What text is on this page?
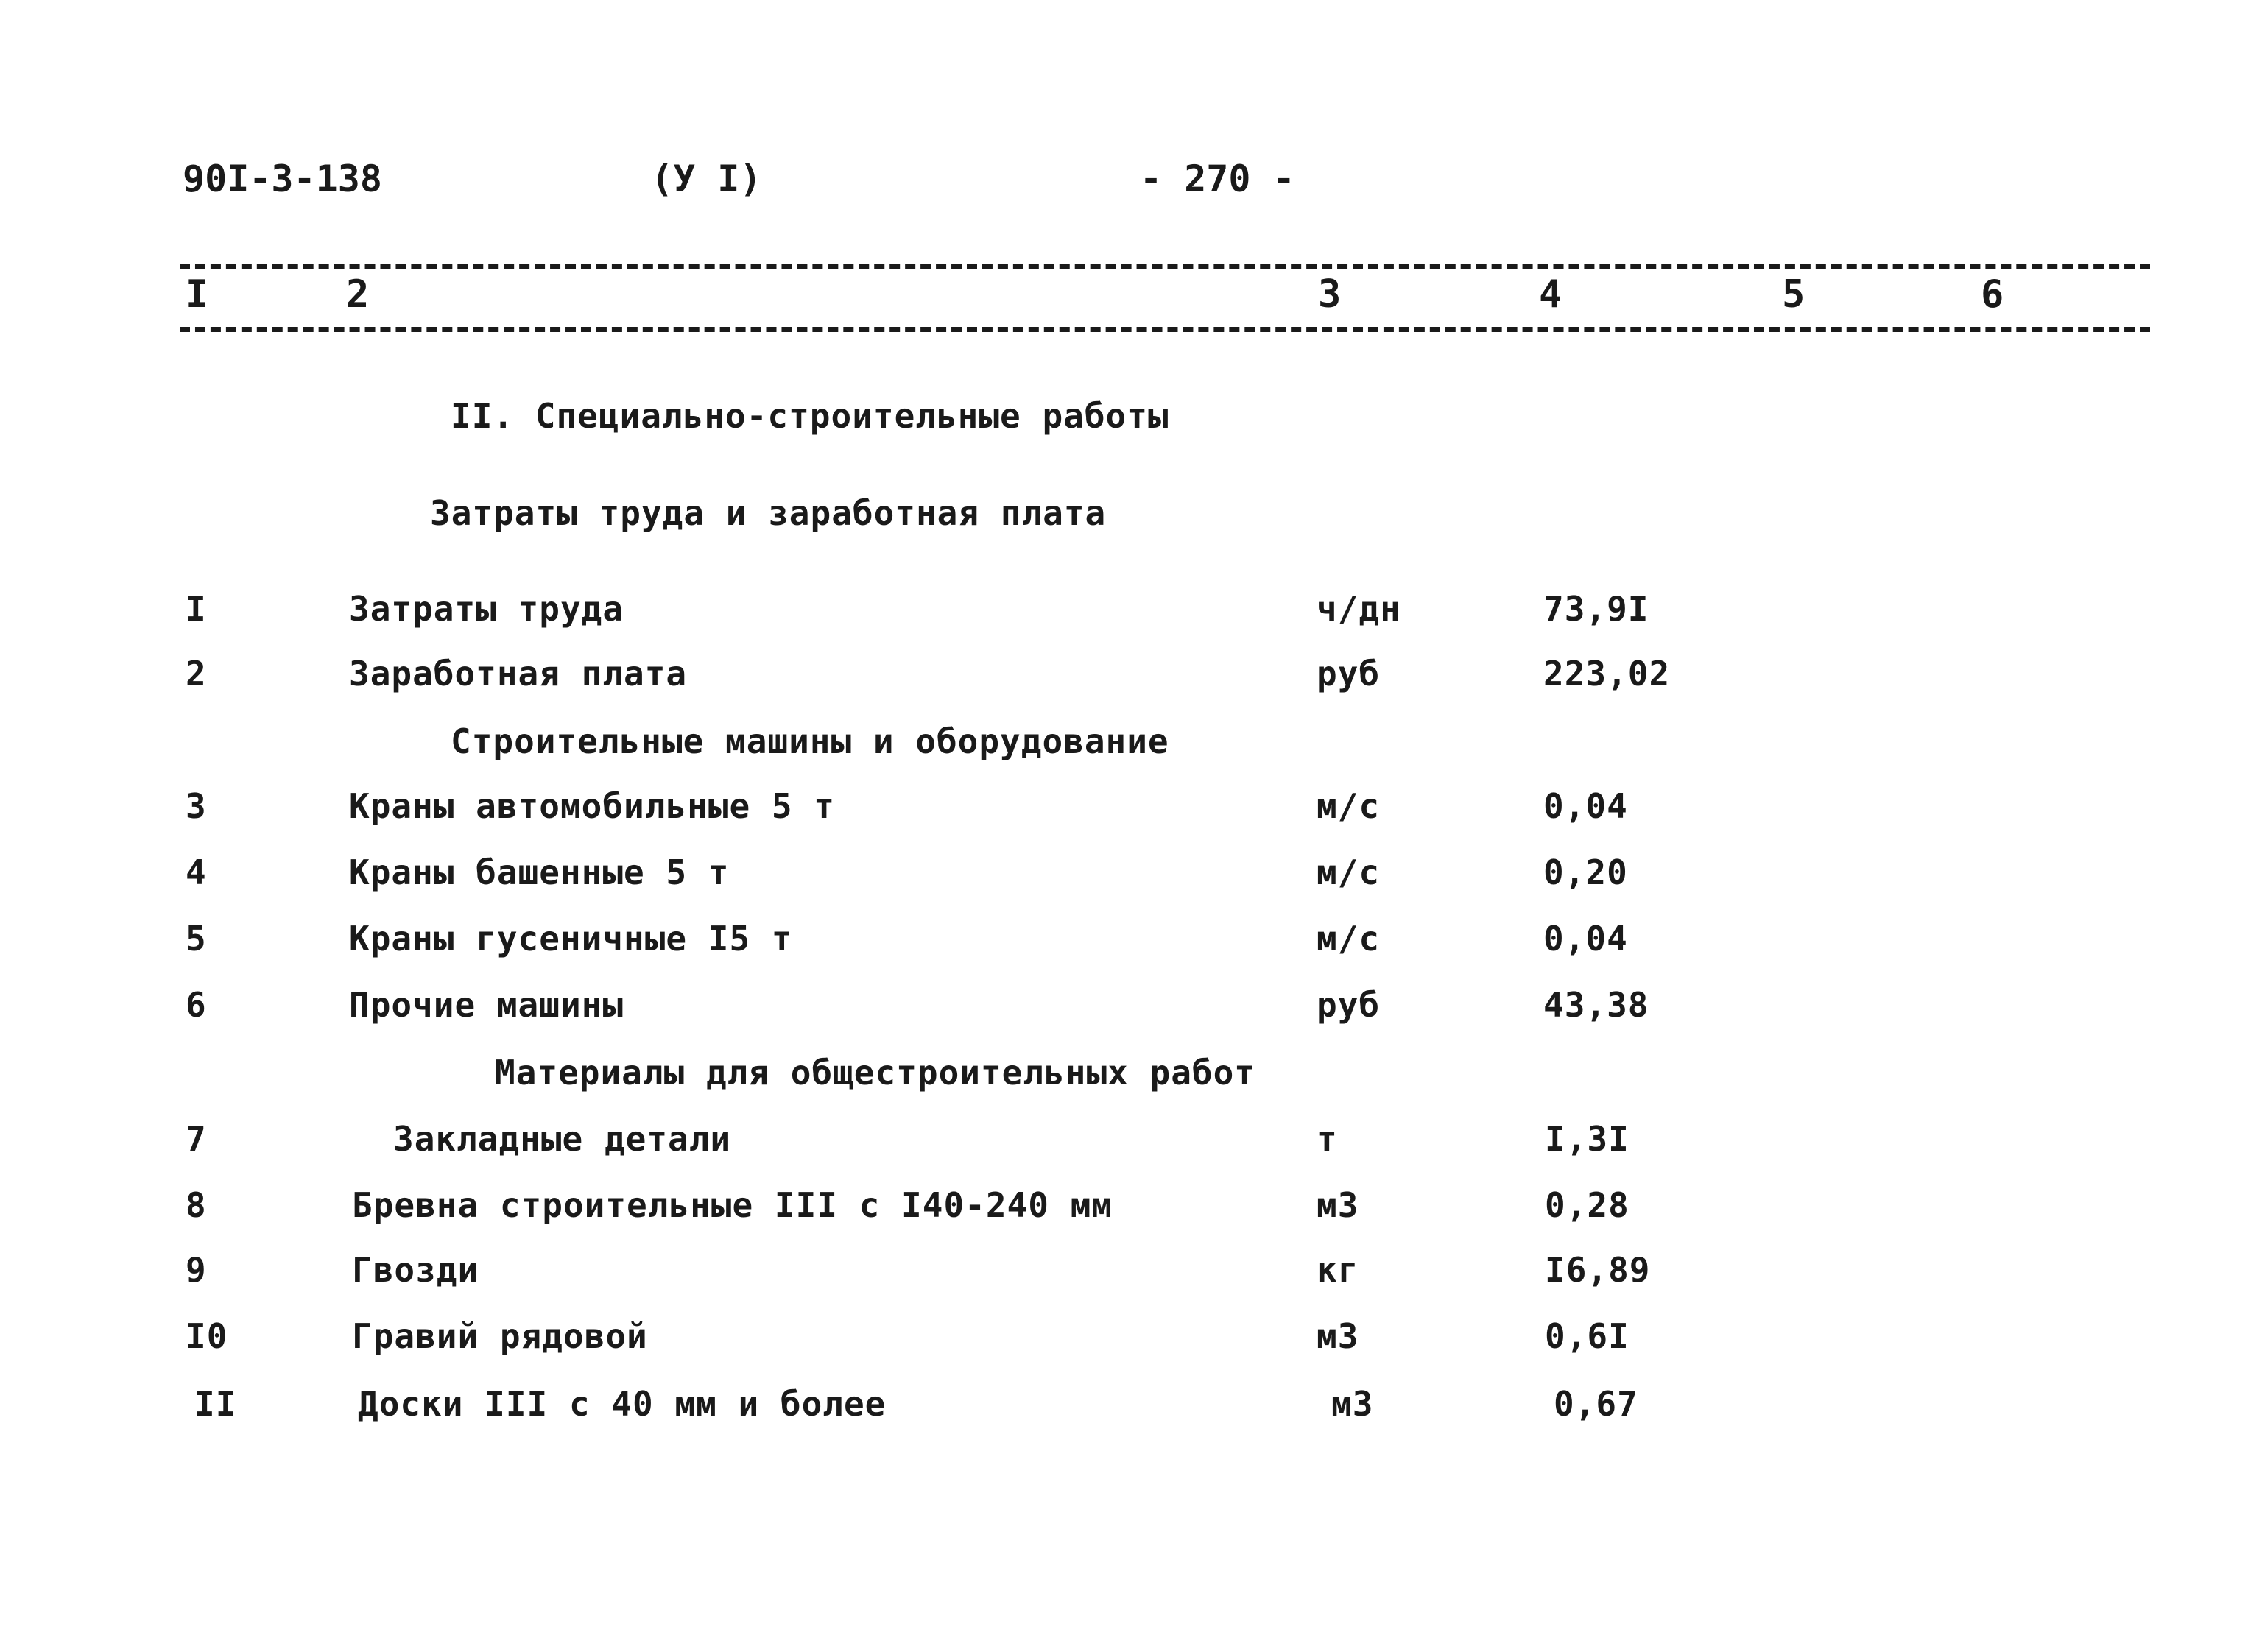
90I-3-138	(У I)	- 270 -
I	2	3	4	5	6
II. Специально-строительные работы
Затраты труда и заработная плата
I	Затраты труда	ч/дн	73,9I
2	Заработная плата	руб	223,02
Строительные машины и оборудование
3	Краны автомобильные 5 т	м/с	0,04
4	Краны башенные 5 т	м/с	0,20
5	Краны гусеничные I5 т	м/с	0,04
6	Прочие машины	руб	43,38
Материалы для общестроительных работ
7	Закладные детали	т	I,3I
8	Бревна строительные III с I40-240 мм	м3	0,28
9	Гвозди	кг	I6,89
I0	Гравий рядовой	м3	0,6I
II	Доски III с 40 мм и более	м3	0,67
